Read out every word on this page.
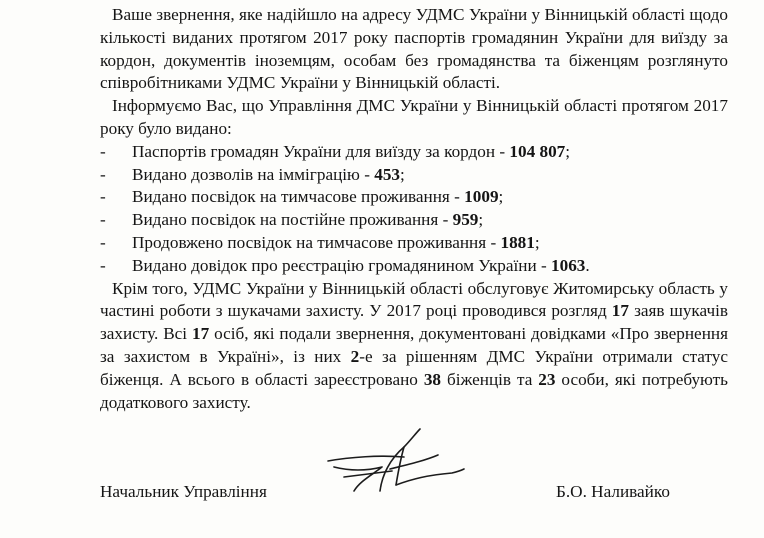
Ваше звернення, яке надійшло на адресу УДМС України у Вінницькій області щодо кількості виданих протягом 2017 року паспортів громадянин України для виїзду за кордон, документів іноземцям, особам без громадянства та біженцям розглянуто співробітниками УДМС України у Вінницькій області.

Інформуємо Вас, що Управління ДМС України у Вінницькій області протягом 2017 року було видано:

- Паспортів громадян України для виїзду за кордон - 104 807;
- Видано дозволів на імміграцію - 453;
- Видано посвідок на тимчасове проживання - 1009;
- Видано посвідок на постійне проживання - 959;
- Продовжено посвідок на тимчасове проживання - 1881;
- Видано довідок про реєстрацію громадянином України - 1063.

Крім того, УДМС України у Вінницькій області обслуговує Житомирську область у частині роботи з шукачами захисту. У 2017 році проводився розгляд 17 заяв шукачів захисту. Всі 17 осіб, які подали звернення, документовані довідками «Про звернення за захистом в Україні», із них 2-е за рішенням ДМС України отримали статус біженця. А всього в області зареєстровано 38 біженців та 23 особи, які потребують додаткового захисту.

Начальник Управління	Б.О. Наливайко
